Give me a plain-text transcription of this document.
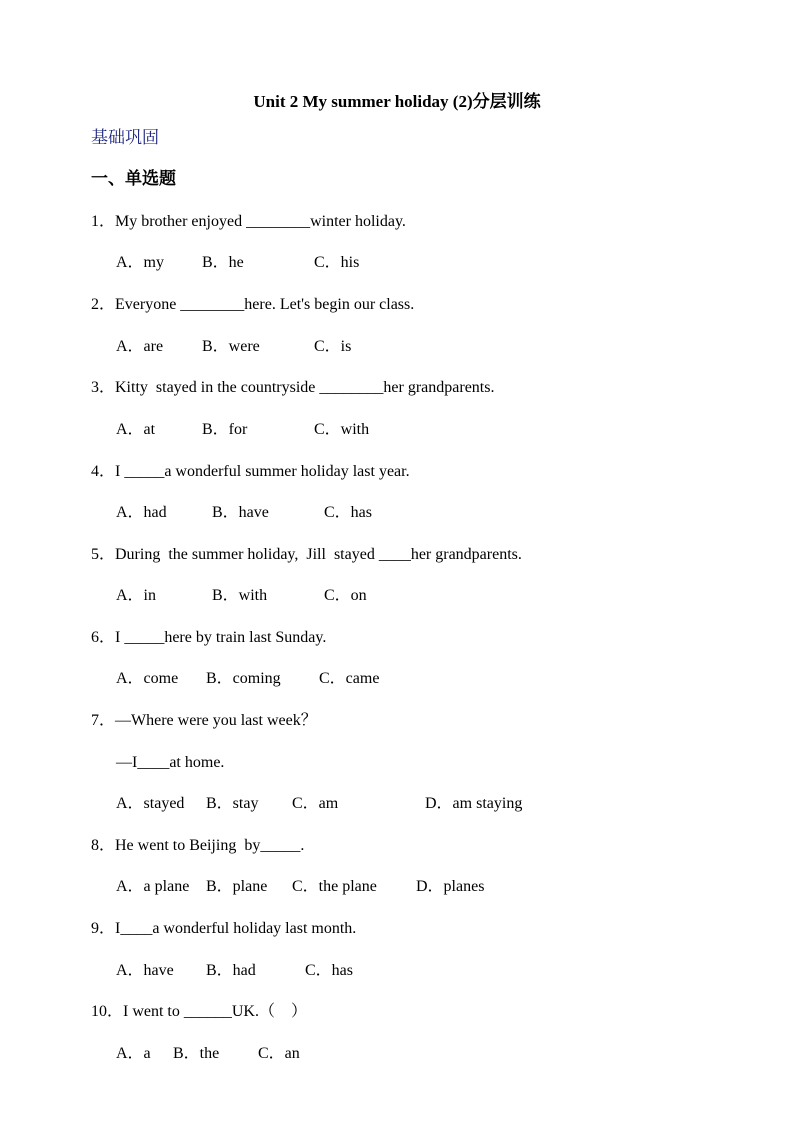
Unit 2 My summer holiday (2)分层训练
基础巩固
一、单选题
1．My brother enjoyed ________winter holiday.
A．my B．he	C．his
2．Everyone ________here. Let's begin our class.
A．are B．were	C．is
3．Kitty  stayed in the countryside ________her grandparents.
A．at	B．for	C．with
4．I _____a wonderful summer holiday last year.
A．had	B．have	C．has
5．During  the summer holiday,  Jill  stayed ____her grandparents.
A．in	B．with	C．on
6．I _____here by train last Sunday.
A．come B．coming C．came
7．—Where were you last week？
—I____at home.
A．stayed B．stay C．am	D．am staying
8．He went to Beijing  by_____.
A．a plane B．plane C．the plane D．planes
9．I____a wonderful holiday last month.
A．have B．had	C．has
10．I went to ______UK.（    ）
A．a B．the C．an
